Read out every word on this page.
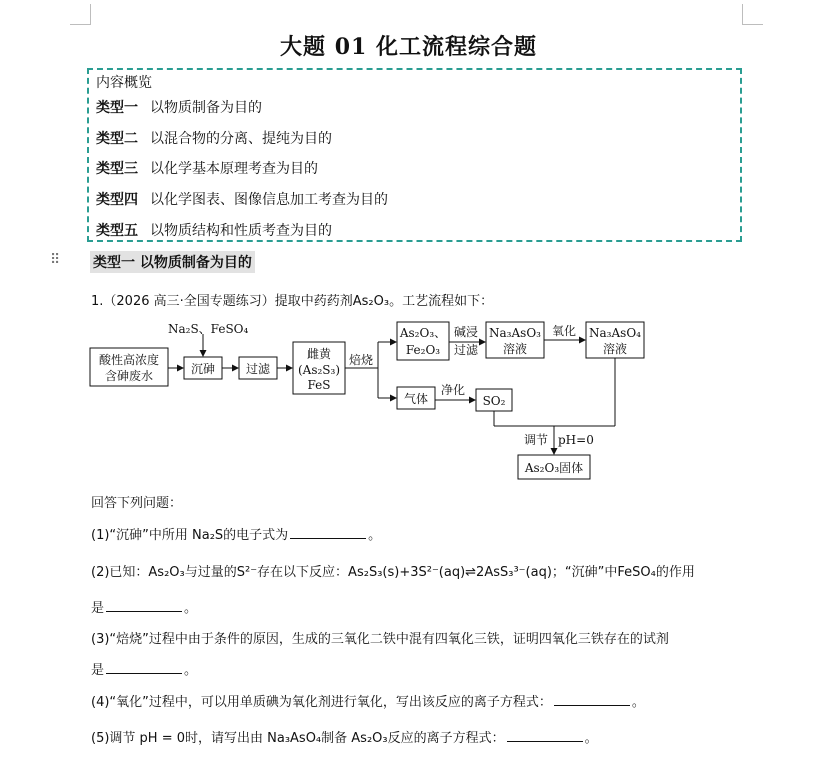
大题 01 化工流程综合题
内容概览
类型一 以物质制备为目的
类型二 以混合物的分离、提纯为目的
类型三 以化学基本原理考查为目的
类型四 以化学图表、图像信息加工考查为目的
类型五 以物质结构和性质考查为目的
⠿ 类型一 以物质制备为目的
1.（2026 高三·全国专题练习）提取中药药剂As₂O₃。工艺流程如下：
Na₂S、FeSO₄
酸性高浓度
含砷废水	沉砷	过滤
雌黄
(As₂S₃)
FeS
焙烧
As₂O₃、
Fe₂O₃
碱浸
过滤
Na₃AsO₃
溶液
氧化 Na₃AsO₄
溶液
气体
净化
SO₂
调节 pH=0
As₂O₃固体
回答下列问题：
(1)“沉砷”中所用 Na₂S的电子式为	。
(2)已知：As₂O₃与过量的S²⁻存在以下反应：As₂S₃(s)+3S²⁻(aq)⇌2AsS₃³⁻(aq)；“沉砷”中FeSO₄的作用
是	。
(3)“焙烧”过程中由于条件的原因，生成的三氧化二铁中混有四氧化三铁，证明四氧化三铁存在的试剂
是	。
(4)“氧化”过程中，可以用单质碘为氧化剂进行氧化，写出该反应的离子方程式：	。
(5)调节 pH = 0时，请写出由 Na₃AsO₄制备 As₂O₃反应的离子方程式：	。
